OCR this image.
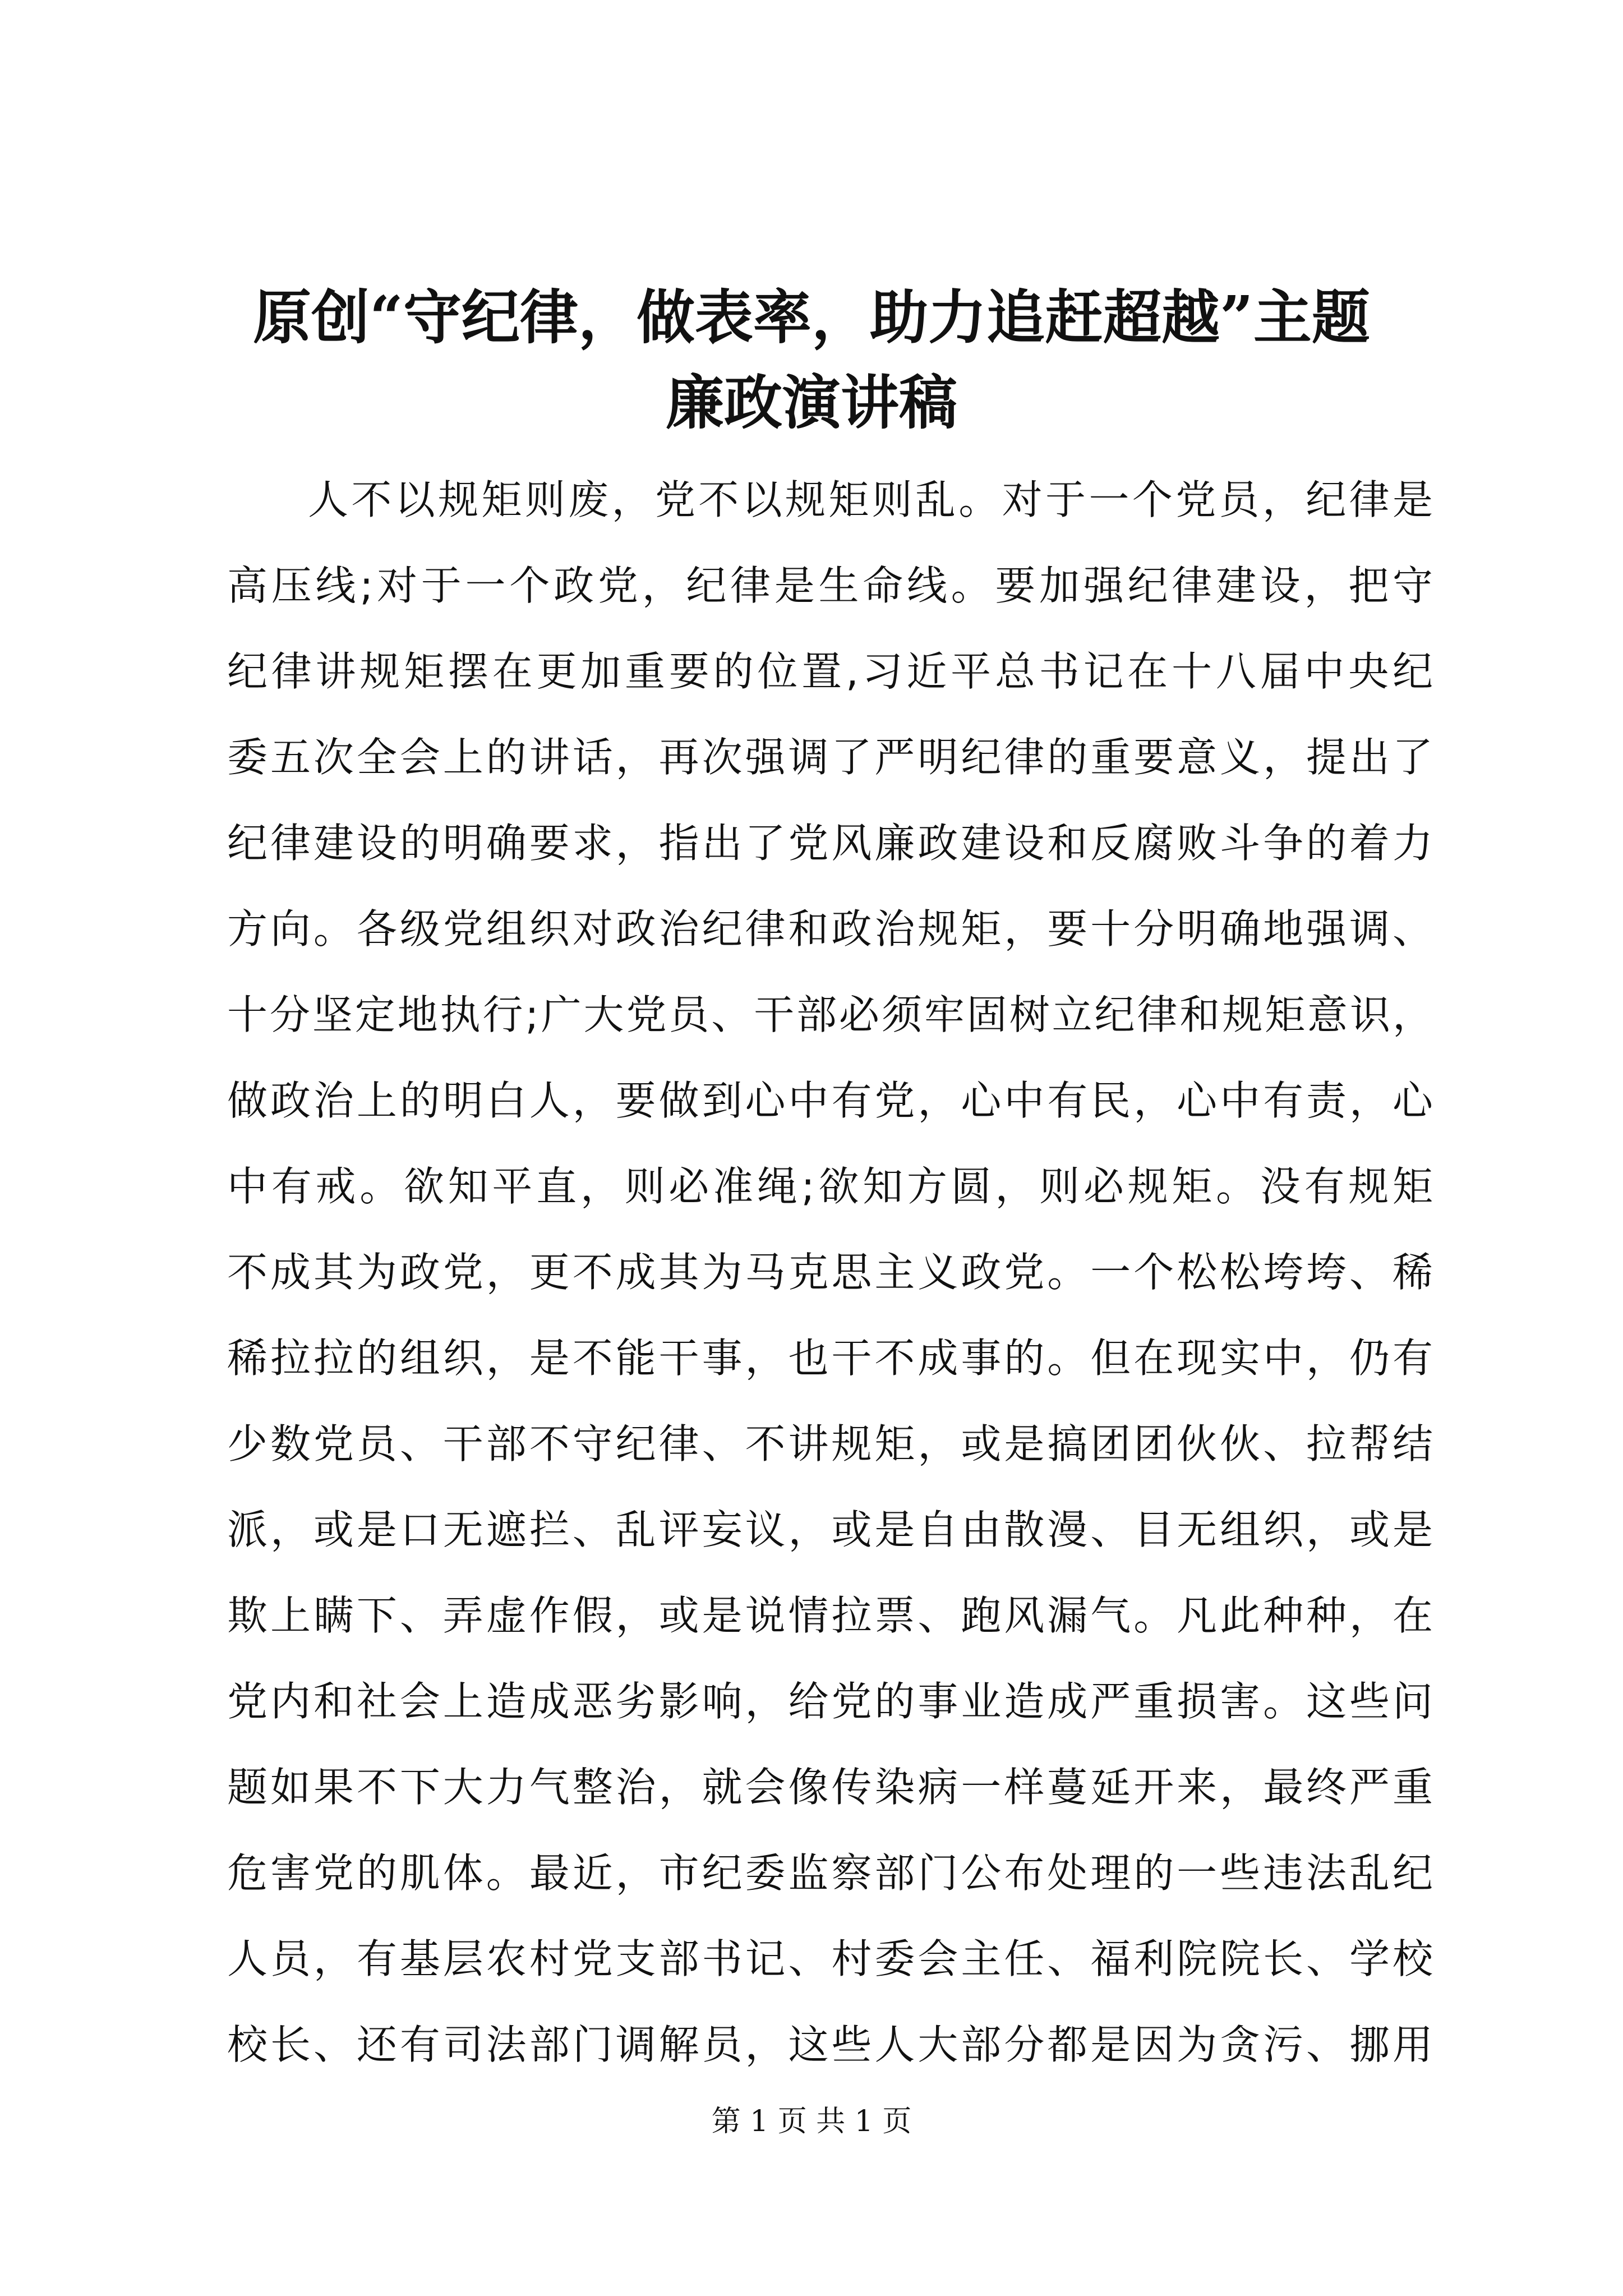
原创“守纪律，做表率，助力追赶超越”主题
廉政演讲稿
人不以规矩则废，党不以规矩则乱。对于一个党员，纪律是
高压线;对于一个政党，纪律是生命线。要加强纪律建设，把守
纪律讲规矩摆在更加重要的位置,习近平总书记在十八届中央纪
委五次全会上的讲话，再次强调了严明纪律的重要意义，提出了
纪律建设的明确要求，指出了党风廉政建设和反腐败斗争的着力
方向。各级党组织对政治纪律和政治规矩，要十分明确地强调、
十分坚定地执行;广大党员、干部必须牢固树立纪律和规矩意识，
做政治上的明白人，要做到心中有党，心中有民，心中有责，心
中有戒。欲知平直，则必准绳;欲知方圆，则必规矩。没有规矩
不成其为政党，更不成其为马克思主义政党。一个松松垮垮、稀
稀拉拉的组织，是不能干事，也干不成事的。但在现实中，仍有
少数党员、干部不守纪律、不讲规矩，或是搞团团伙伙、拉帮结
派，或是口无遮拦、乱评妄议，或是自由散漫、目无组织，或是
欺上瞒下、弄虚作假，或是说情拉票、跑风漏气。凡此种种，在
党内和社会上造成恶劣影响，给党的事业造成严重损害。这些问
题如果不下大力气整治，就会像传染病一样蔓延开来，最终严重
危害党的肌体。最近，市纪委监察部门公布处理的一些违法乱纪
人员，有基层农村党支部书记、村委会主任、福利院院长、学校
校长、还有司法部门调解员，这些人大部分都是因为贪污、挪用
第 1 页 共 1 页
